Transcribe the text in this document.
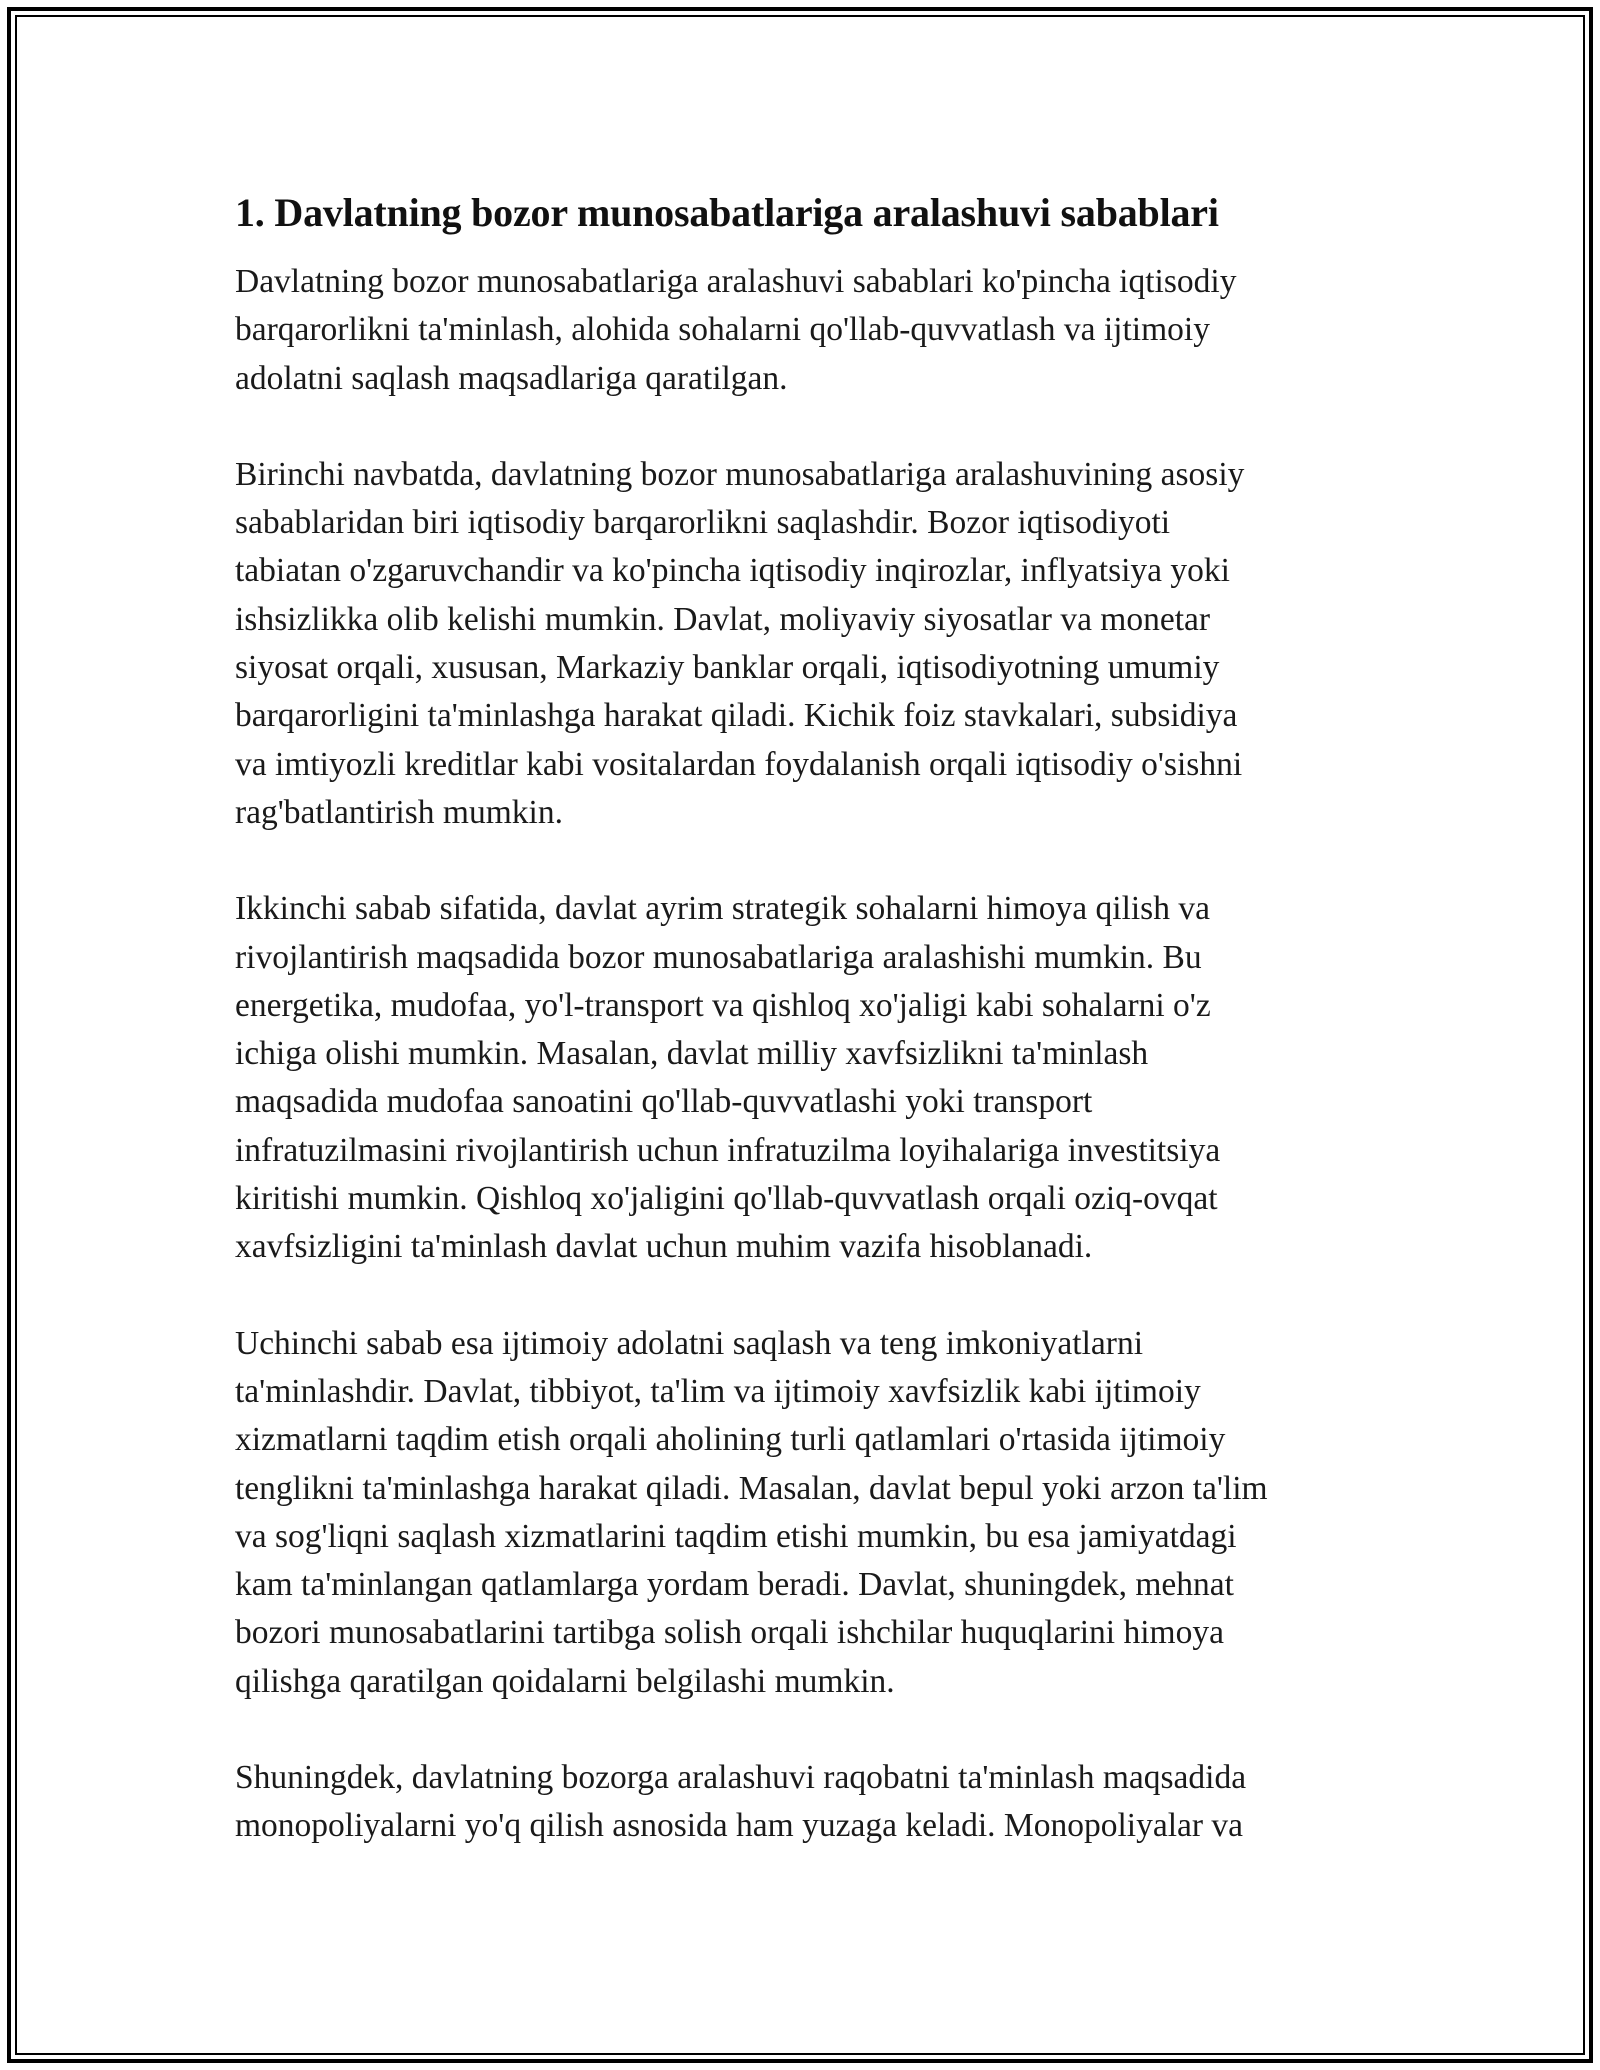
1. Davlatning bozor munosabatlariga aralashuvi sabablari

Davlatning bozor munosabatlariga aralashuvi sabablari ko'pincha iqtisodiy
barqarorlikni ta'minlash, alohida sohalarni qo'llab-quvvatlash va ijtimoiy
adolatni saqlash maqsadlariga qaratilgan.

Birinchi navbatda, davlatning bozor munosabatlariga aralashuvining asosiy
sabablaridan biri iqtisodiy barqarorlikni saqlashdir. Bozor iqtisodiyoti
tabiatan o'zgaruvchandir va ko'pincha iqtisodiy inqirozlar, inflyatsiya yoki
ishsizlikka olib kelishi mumkin. Davlat, moliyaviy siyosatlar va monetar
siyosat orqali, xususan, Markaziy banklar orqali, iqtisodiyotning umumiy
barqarorligini ta'minlashga harakat qiladi. Kichik foiz stavkalari, subsidiya
va imtiyozli kreditlar kabi vositalardan foydalanish orqali iqtisodiy o'sishni
rag'batlantirish mumkin.

Ikkinchi sabab sifatida, davlat ayrim strategik sohalarni himoya qilish va
rivojlantirish maqsadida bozor munosabatlariga aralashishi mumkin. Bu
energetika, mudofaa, yo'l-transport va qishloq xo'jaligi kabi sohalarni o'z
ichiga olishi mumkin. Masalan, davlat milliy xavfsizlikni ta'minlash
maqsadida mudofaa sanoatini qo'llab-quvvatlashi yoki transport
infratuzilmasini rivojlantirish uchun infratuzilma loyihalariga investitsiya
kiritishi mumkin. Qishloq xo'jaligini qo'llab-quvvatlash orqali oziq-ovqat
xavfsizligini ta'minlash davlat uchun muhim vazifa hisoblanadi.

Uchinchi sabab esa ijtimoiy adolatni saqlash va teng imkoniyatlarni
ta'minlashdir. Davlat, tibbiyot, ta'lim va ijtimoiy xavfsizlik kabi ijtimoiy
xizmatlarni taqdim etish orqali aholining turli qatlamlari o'rtasida ijtimoiy
tenglikni ta'minlashga harakat qiladi. Masalan, davlat bepul yoki arzon ta'lim
va sog'liqni saqlash xizmatlarini taqdim etishi mumkin, bu esa jamiyatdagi
kam ta'minlangan qatlamlarga yordam beradi. Davlat, shuningdek, mehnat
bozori munosabatlarini tartibga solish orqali ishchilar huquqlarini himoya
qilishga qaratilgan qoidalarni belgilashi mumkin.

Shuningdek, davlatning bozorga aralashuvi raqobatni ta'minlash maqsadida
monopoliyalarni yo'q qilish asnosida ham yuzaga keladi. Monopoliyalar va
